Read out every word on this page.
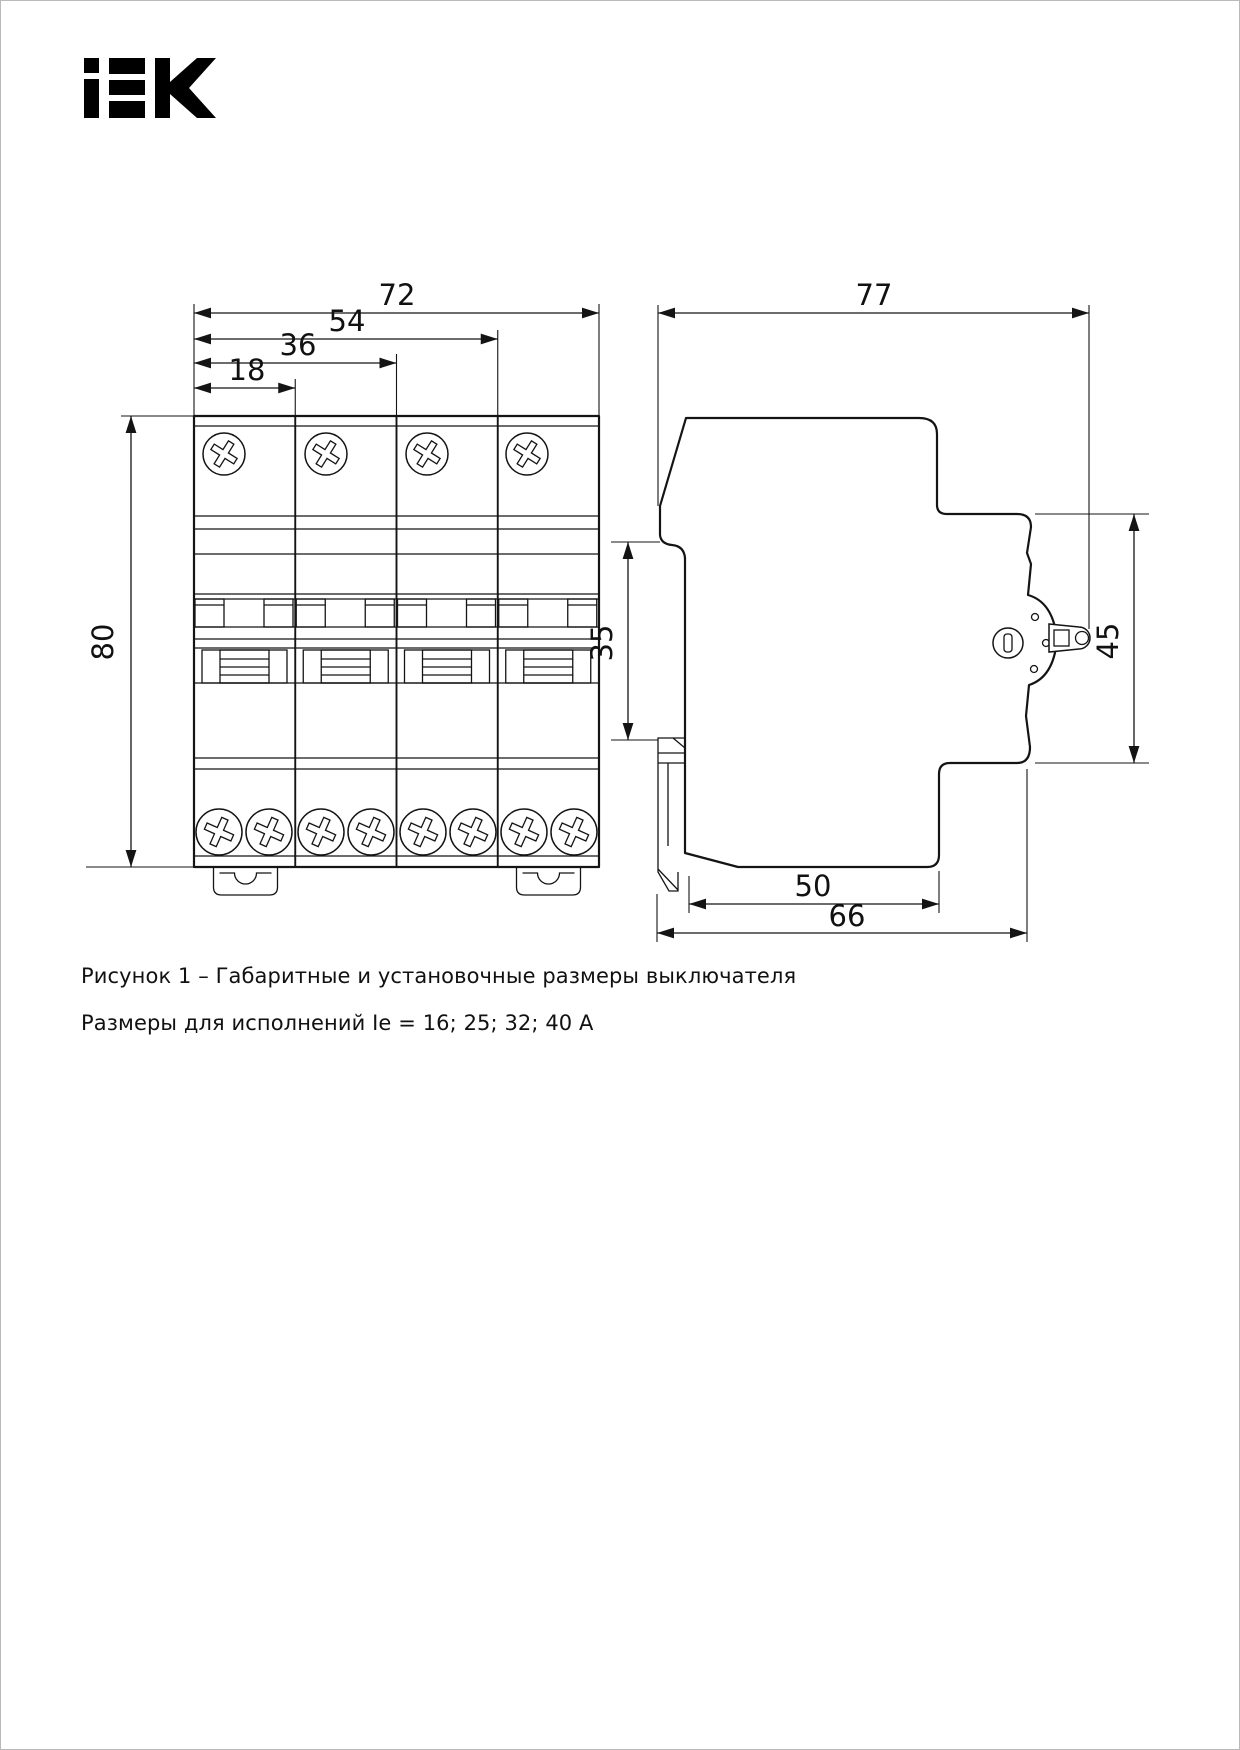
72
54
36
18
80
77
35	45
50
66
Рисунок 1 – Габаритные и установочные размеры выключателя
Размеры для исполнений Ie = 16; 25; 32; 40 А
